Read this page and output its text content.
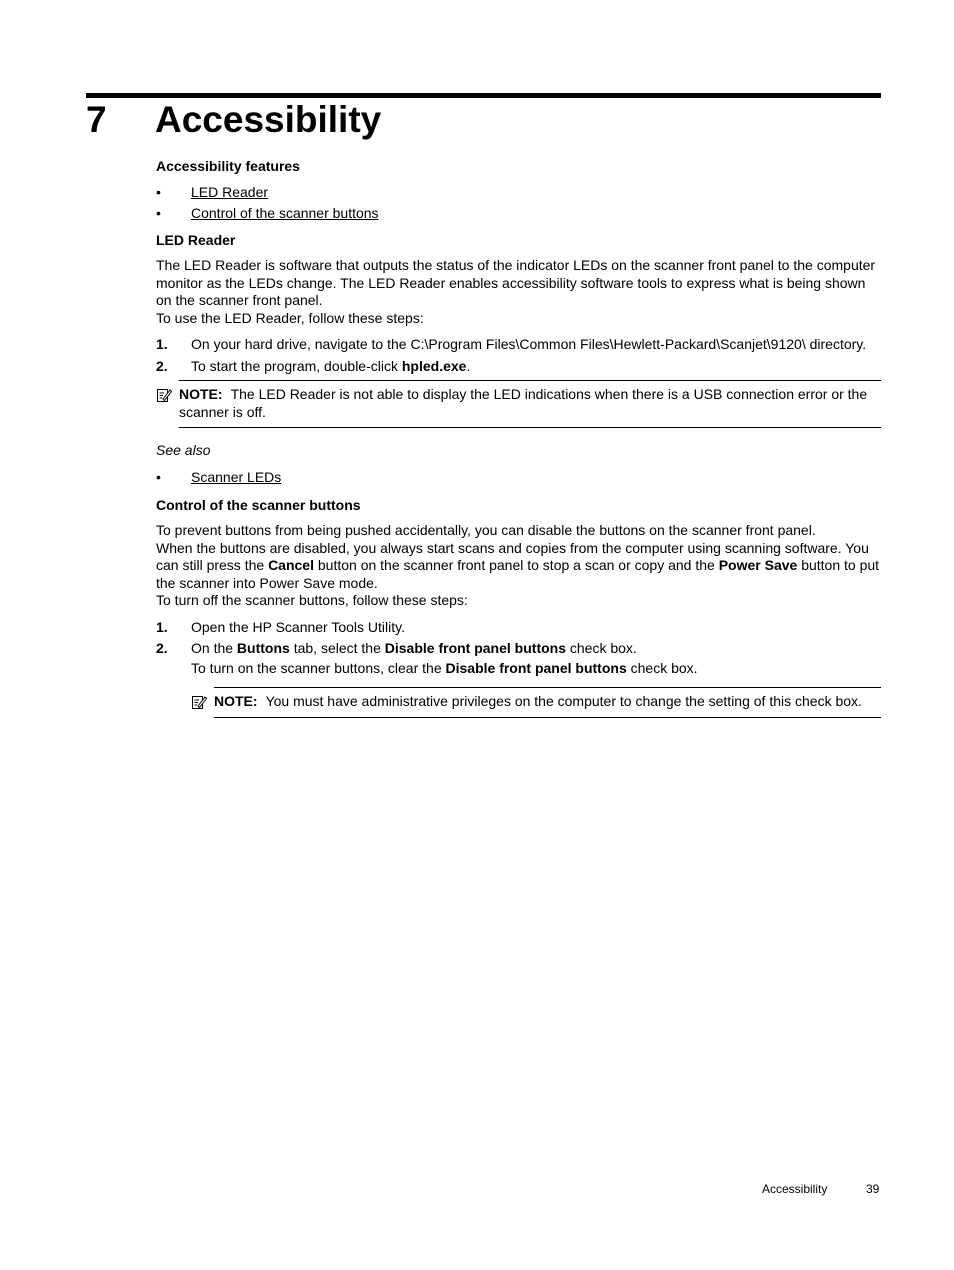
7 Accessibility

Accessibility features

• LED Reader
• Control of the scanner buttons

LED Reader

The LED Reader is software that outputs the status of the indicator LEDs on the scanner front panel to the computer monitor as the LEDs change. The LED Reader enables accessibility software tools to express what is being shown on the scanner front panel.

To use the LED Reader, follow these steps:

1. On your hard drive, navigate to the C:\Program Files\Common Files\Hewlett-Packard\Scanjet\9120\ directory.
2. To start the program, double-click hpled.exe.
NOTE: The LED Reader is not able to display the LED indications when there is a USB connection error or the scanner is off.

See also

• Scanner LEDs

Control of the scanner buttons

To prevent buttons from being pushed accidentally, you can disable the buttons on the scanner front panel.

When the buttons are disabled, you always start scans and copies from the computer using scanning software. You can still press the Cancel button on the scanner front panel to stop a scan or copy and the Power Save button to put the scanner into Power Save mode.

To turn off the scanner buttons, follow these steps:

1. Open the HP Scanner Tools Utility.
2. On the Buttons tab, select the Disable front panel buttons check box.
To turn on the scanner buttons, clear the Disable front panel buttons check box.
NOTE: You must have administrative privileges on the computer to change the setting of this check box.
Accessibility	39
